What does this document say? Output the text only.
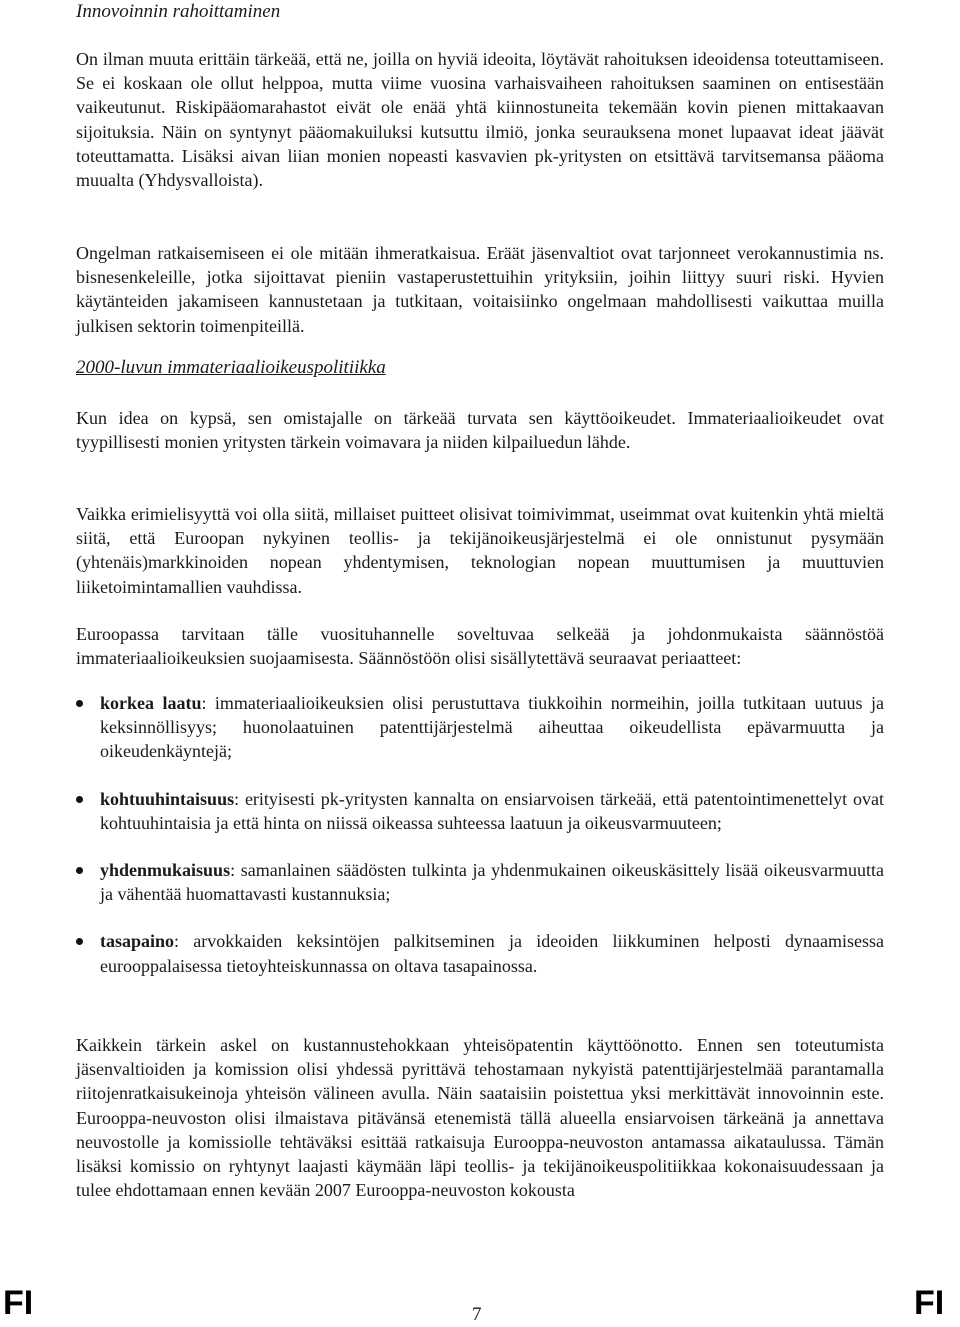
Innovoinnin rahoittaminen

On ilman muuta erittäin tärkeää, että ne, joilla on hyviä ideoita, löytävät rahoituksen ideoidensa toteuttamiseen. Se ei koskaan ole ollut helppoa, mutta viime vuosina varhaisvaiheen rahoituksen saaminen on entisestään vaikeutunut. Riskipääomarahastot eivät ole enää yhtä kiinnostuneita tekemään kovin pienen mittakaavan sijoituksia. Näin on syntynyt pääomakuiluksi kutsuttu ilmiö, jonka seurauksena monet lupaavat ideat jäävät toteuttamatta. Lisäksi aivan liian monien nopeasti kasvavien pk-yritysten on etsittävä tarvitsemansa pääoma muualta (Yhdysvalloista).

Ongelman ratkaisemiseen ei ole mitään ihmeratkaisua. Eräät jäsenvaltiot ovat tarjonneet verokannustimia ns. bisnesenkeleille, jotka sijoittavat pieniin vastaperustettuihin yrityksiin, joihin liittyy suuri riski. Hyvien käytänteiden jakamiseen kannustetaan ja tutkitaan, voitaisiinko ongelmaan mahdollisesti vaikuttaa muilla julkisen sektorin toimenpiteillä.

2000-luvun immateriaalioikeuspolitiikka

Kun idea on kypsä, sen omistajalle on tärkeää turvata sen käyttöoikeudet. Immateriaalioikeudet ovat tyypillisesti monien yritysten tärkein voimavara ja niiden kilpailuedun lähde.

Vaikka erimielisyyttä voi olla siitä, millaiset puitteet olisivat toimivimmat, useimmat ovat kuitenkin yhtä mieltä siitä, että Euroopan nykyinen teollis- ja tekijänoikeusjärjestelmä ei ole onnistunut pysymään (yhtenäis)markkinoiden nopean yhdentymisen, teknologian nopean muuttumisen ja muuttuvien liiketoimintamallien vauhdissa.

Euroopassa tarvitaan tälle vuosituhannelle soveltuvaa selkeää ja johdonmukaista säännöstöä immateriaalioikeuksien suojaamisesta. Säännöstöön olisi sisällytettävä seuraavat periaatteet:

korkea laatu: immateriaalioikeuksien olisi perustuttava tiukkoihin normeihin, joilla tutkitaan uutuus ja keksinnöllisyys; huonolaatuinen patenttijärjestelmä aiheuttaa oikeudellista epävarmuutta ja oikeudenkäyntejä;
kohtuuhintaisuus: erityisesti pk-yritysten kannalta on ensiarvoisen tärkeää, että patentointimenettelyt ovat kohtuuhintaisia ja että hinta on niissä oikeassa suhteessa laatuun ja oikeusvarmuuteen;
yhdenmukaisuus: samanlainen säädösten tulkinta ja yhdenmukainen oikeuskäsittely lisää oikeusvarmuutta ja vähentää huomattavasti kustannuksia;
tasapaino: arvokkaiden keksintöjen palkitseminen ja ideoiden liikkuminen helposti dynaamisessa eurooppalaisessa tietoyhteiskunnassa on oltava tasapainossa.

Kaikkein tärkein askel on kustannustehokkaan yhteisöpatentin käyttöönotto. Ennen sen toteutumista jäsenvaltioiden ja komission olisi yhdessä pyrittävä tehostamaan nykyistä patenttijärjestelmää parantamalla riitojenratkaisukeinoja yhteisön välineen avulla. Näin saataisiin poistettua yksi merkittävät innovoinnin este. Eurooppa-neuvoston olisi ilmaistava pitävänsä etenemistä tällä alueella ensiarvoisen tärkeänä ja annettava neuvostolle ja komissiolle tehtäväksi esittää ratkaisuja Eurooppa-neuvoston antamassa aikataulussa. Tämän lisäksi komissio on ryhtynyt laajasti käymään läpi teollis- ja tekijänoikeuspolitiikkaa kokonaisuudessaan ja tulee ehdottamaan ennen kevään 2007 Eurooppa-neuvoston kokousta

FI	7	FI
